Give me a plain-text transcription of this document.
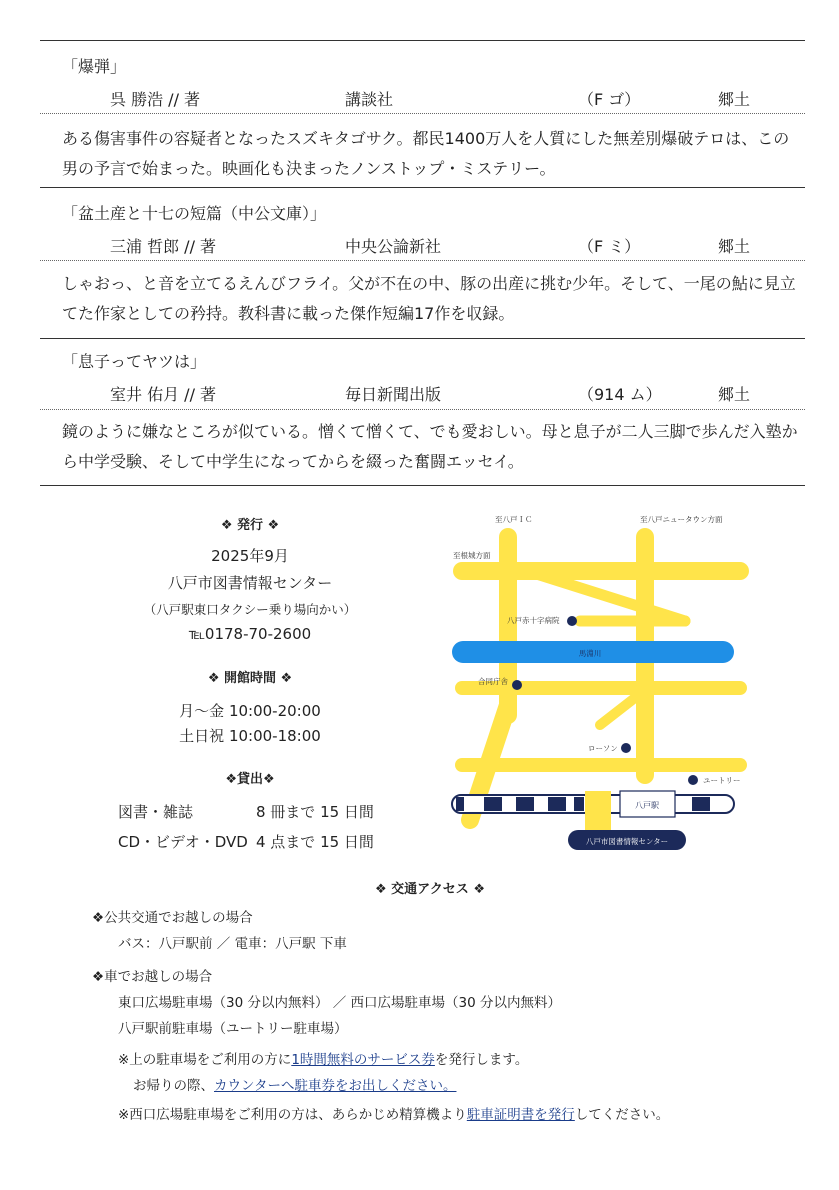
「爆弾」
呉 勝浩 // 著	講談社	（F ゴ）	郷土
ある傷害事件の容疑者となったスズキタゴサク。都民1400万人を人質にした無差別爆破テロは、この男の予言で始まった。映画化も決まったノンストップ・ミステリー。
「盆土産と十七の短篇（中公文庫）」
三浦 哲郎 // 著	中央公論新社	（F ミ）	郷土
しゃおっ、と音を立てるえんびフライ。父が不在の中、豚の出産に挑む少年。そして、一尾の鮎に見立てた作家としての矜持。教科書に載った傑作短編17作を収録。
「息子ってヤツは」
室井 佑月 // 著	毎日新聞出版	（914 ム）	郷土
鏡のように嫌なところが似ている。憎くて憎くて、でも愛おしい。母と息子が二人三脚で歩んだ入塾から中学受験、そして中学生になってからを綴った奮闘エッセイ。
❖ 発行 ❖
2025年9月
八戸市図書情報センター
（八戸駅東口タクシー乗り場向かい）
℡0178-70-2600
❖ 開館時間 ❖
月～金 10:00-20:00
土日祝 10:00-18:00
❖貸出❖
図書・雑誌	8 冊まで 15 日間
CD・ビデオ・DVD 4 点まで 15 日間
至八戸ＩＣ	至八戸ニュータウン方面
至根城方面
馬淵川
八戸赤十字病院
合同庁舎
ローソン
ユートリー
八戸駅
八戸市図書情報センター
❖ 交通アクセス ❖
❖公共交通でお越しの場合
バス：八戸駅前 ／ 電車：八戸駅 下車
❖車でお越しの場合
東口広場駐車場（30 分以内無料） ／ 西口広場駐車場（30 分以内無料）
八戸駅前駐車場（ユートリー駐車場）
※上の駐車場をご利用の方に1時間無料のサービス券を発行します。
お帰りの際、カウンターへ駐車券をお出しください。
※西口広場駐車場をご利用の方は、あらかじめ精算機より駐車証明書を発行してください。
